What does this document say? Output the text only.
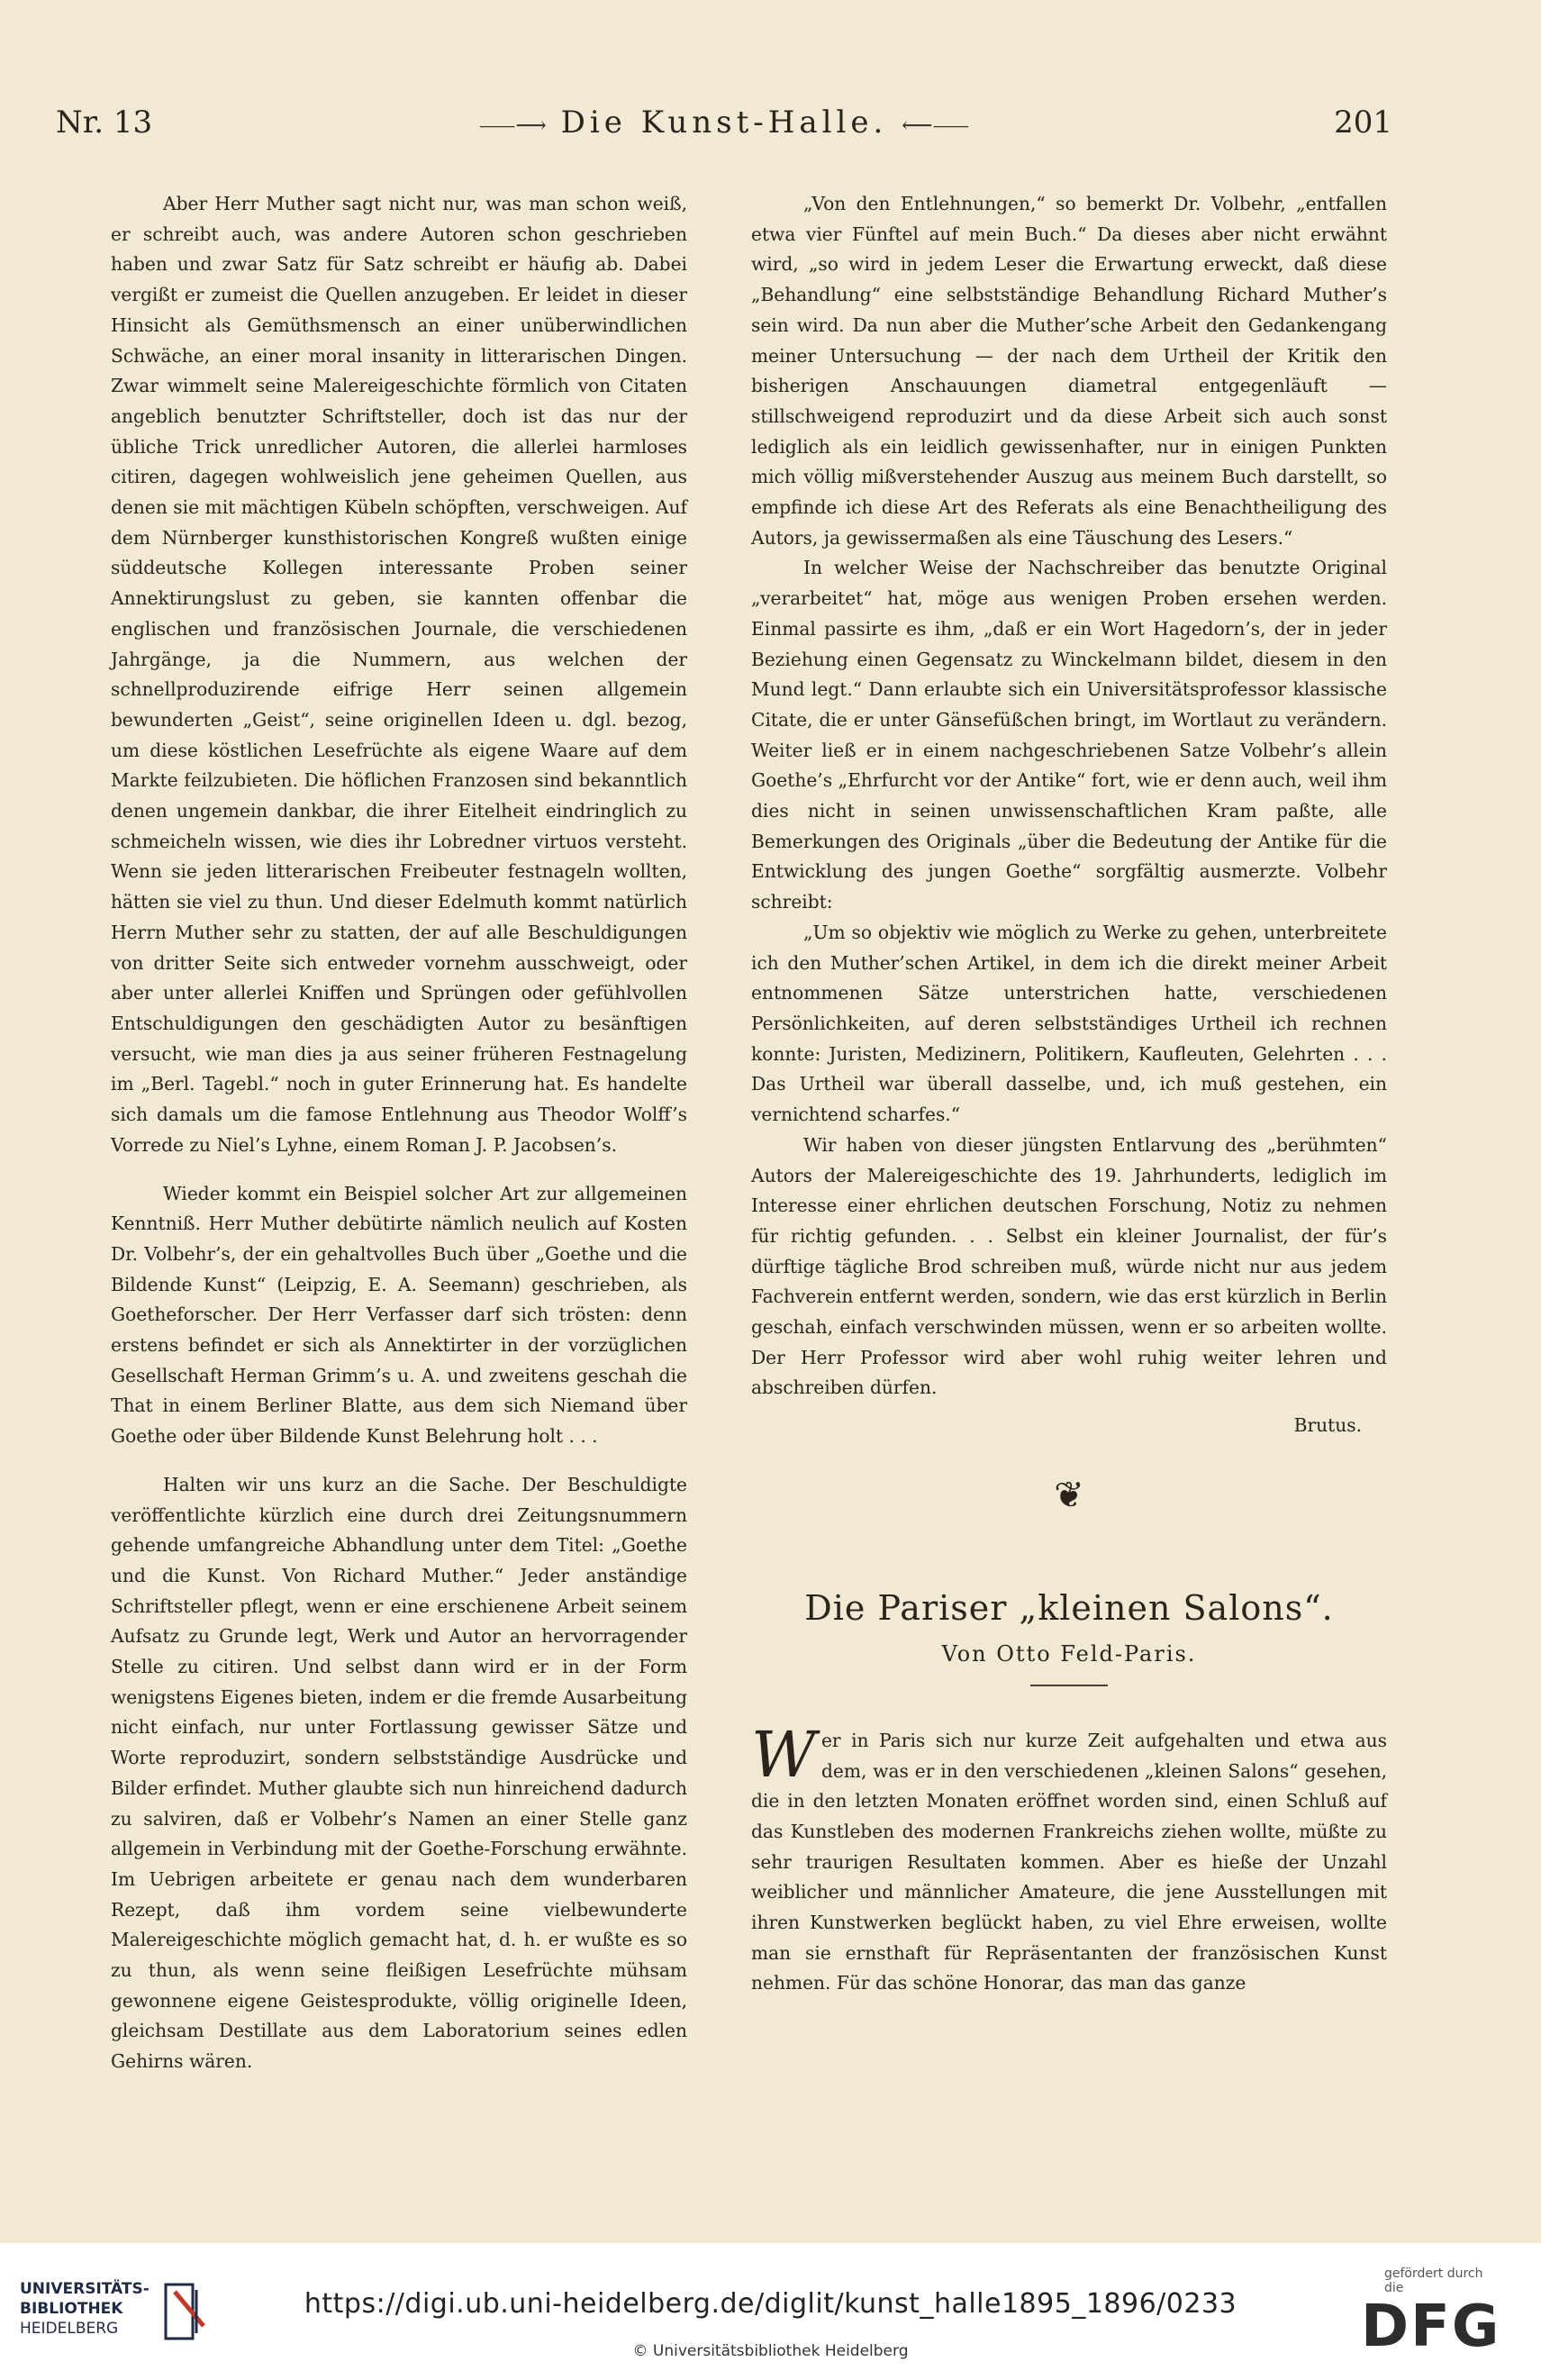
Nr. 13	⸺⟶ Die Kunst-Halle. ⟵⸺	201

Aber Herr Muther sagt nicht nur, was man schon weiß, er schreibt auch, was andere Autoren schon geschrieben haben und zwar Satz für Satz schreibt er häufig ab. Dabei vergißt er zumeist die Quellen anzugeben. Er leidet in dieser Hinsicht als Gemüthsmensch an einer unüberwindlichen Schwäche, an einer moral insanity in litterarischen Dingen. Zwar wimmelt seine Malereigeschichte förmlich von Citaten angeblich benutzter Schriftsteller, doch ist das nur der übliche Trick unredlicher Autoren, die allerlei harmloses citiren, dagegen wohlweislich jene geheimen Quellen, aus denen sie mit mächtigen Kübeln schöpften, verschweigen. Auf dem Nürnberger kunsthistorischen Kongreß wußten einige süddeutsche Kollegen interessante Proben seiner Annektirungslust zu geben, sie kannten offenbar die englischen und französischen Journale, die verschiedenen Jahrgänge, ja die Nummern, aus welchen der schnellproduzirende eifrige Herr seinen allgemein bewunderten „Geist“, seine originellen Ideen u. dgl. bezog, um diese köstlichen Lesefrüchte als eigene Waare auf dem Markte feilzubieten. Die höflichen Franzosen sind bekanntlich denen ungemein dankbar, die ihrer Eitelheit eindringlich zu schmeicheln wissen, wie dies ihr Lobredner virtuos versteht. Wenn sie jeden litterarischen Freibeuter festnageln wollten, hätten sie viel zu thun. Und dieser Edelmuth kommt natürlich Herrn Muther sehr zu statten, der auf alle Beschuldigungen von dritter Seite sich entweder vornehm ausschweigt, oder aber unter allerlei Kniffen und Sprüngen oder gefühlvollen Entschuldigungen den geschädigten Autor zu besänftigen versucht, wie man dies ja aus seiner früheren Festnagelung im „Berl. Tagebl.“ noch in guter Erinnerung hat. Es handelte sich damals um die famose Entlehnung aus Theodor Wolff’s Vorrede zu Niel’s Lyhne, einem Roman J. P. Jacobsen’s.

Wieder kommt ein Beispiel solcher Art zur allgemeinen Kenntniß. Herr Muther debütirte nämlich neulich auf Kosten Dr. Volbehr’s, der ein gehaltvolles Buch über „Goethe und die Bildende Kunst“ (Leipzig, E. A. Seemann) geschrieben, als Goetheforscher. Der Herr Verfasser darf sich trösten: denn erstens befindet er sich als Annektirter in der vorzüglichen Gesellschaft Herman Grimm’s u. A. und zweitens geschah die That in einem Berliner Blatte, aus dem sich Niemand über Goethe oder über Bildende Kunst Belehrung holt . . .

Halten wir uns kurz an die Sache. Der Beschuldigte veröffentlichte kürzlich eine durch drei Zeitungsnummern gehende umfangreiche Abhandlung unter dem Titel: „Goethe und die Kunst. Von Richard Muther.“ Jeder anständige Schriftsteller pflegt, wenn er eine erschienene Arbeit seinem Aufsatz zu Grunde legt, Werk und Autor an hervorragender Stelle zu citiren. Und selbst dann wird er in der Form wenigstens Eigenes bieten, indem er die fremde Ausarbeitung nicht einfach, nur unter Fortlassung gewisser Sätze und Worte reproduzirt, sondern selbstständige Ausdrücke und Bilder erfindet. Muther glaubte sich nun hinreichend dadurch zu salviren, daß er Volbehr’s Namen an einer Stelle ganz allgemein in Verbindung mit der Goethe-Forschung erwähnte. Im Uebrigen arbeitete er genau nach dem wunderbaren Rezept, daß ihm vordem seine vielbewunderte Malereigeschichte möglich gemacht hat, d. h. er wußte es so zu thun, als wenn seine fleißigen Lesefrüchte mühsam gewonnene eigene Geistesprodukte, völlig originelle Ideen, gleichsam Destillate aus dem Laboratorium seines edlen Gehirns wären.

„Von den Entlehnungen,“ so bemerkt Dr. Volbehr, „entfallen etwa vier Fünftel auf mein Buch.“ Da dieses aber nicht erwähnt wird, „so wird in jedem Leser die Erwartung erweckt, daß diese „Behandlung“ eine selbstständige Behandlung Richard Muther’s sein wird. Da nun aber die Muther’sche Arbeit den Gedankengang meiner Untersuchung — der nach dem Urtheil der Kritik den bisherigen Anschauungen diametral entgegenläuft — stillschweigend reproduzirt und da diese Arbeit sich auch sonst lediglich als ein leidlich gewissenhafter, nur in einigen Punkten mich völlig mißverstehender Auszug aus meinem Buch darstellt, so empfinde ich diese Art des Referats als eine Benachtheiligung des Autors, ja gewissermaßen als eine Täuschung des Lesers.“

In welcher Weise der Nachschreiber das benutzte Original „verarbeitet“ hat, möge aus wenigen Proben ersehen werden. Einmal passirte es ihm, „daß er ein Wort Hagedorn’s, der in jeder Beziehung einen Gegensatz zu Winckelmann bildet, diesem in den Mund legt.“ Dann erlaubte sich ein Universitätsprofessor klassische Citate, die er unter Gänsefüßchen bringt, im Wortlaut zu verändern. Weiter ließ er in einem nachgeschriebenen Satze Volbehr’s allein Goethe’s „Ehrfurcht vor der Antike“ fort, wie er denn auch, weil ihm dies nicht in seinen unwissenschaftlichen Kram paßte, alle Bemerkungen des Originals „über die Bedeutung der Antike für die Entwicklung des jungen Goethe“ sorgfältig ausmerzte. Volbehr schreibt:

„Um so objektiv wie möglich zu Werke zu gehen, unterbreitete ich den Muther’schen Artikel, in dem ich die direkt meiner Arbeit entnommenen Sätze unterstrichen hatte, verschiedenen Persönlichkeiten, auf deren selbstständiges Urtheil ich rechnen konnte: Juristen, Medizinern, Politikern, Kaufleuten, Gelehrten . . . Das Urtheil war überall dasselbe, und, ich muß gestehen, ein vernichtend scharfes.“

Wir haben von dieser jüngsten Entlarvung des „berühmten“ Autors der Malereigeschichte des 19. Jahrhunderts, lediglich im Interesse einer ehrlichen deutschen Forschung, Notiz zu nehmen für richtig gefunden. . . Selbst ein kleiner Journalist, der für’s dürftige tägliche Brod schreiben muß, würde nicht nur aus jedem Fachverein entfernt werden, sondern, wie das erst kürzlich in Berlin geschah, einfach verschwinden müssen, wenn er so arbeiten wollte. Der Herr Professor wird aber wohl ruhig weiter lehren und abschreiben dürfen.

Brutus.
❦
Die Pariser „kleinen Salons“.
Von Otto Feld-Paris.

Wer in Paris sich nur kurze Zeit aufgehalten und etwa aus dem, was er in den verschiedenen „kleinen Salons“ gesehen, die in den letzten Monaten eröffnet worden sind, einen Schluß auf das Kunstleben des modernen Frankreichs ziehen wollte, müßte zu sehr traurigen Resultaten kommen. Aber es hieße der Unzahl weiblicher und männlicher Amateure, die jene Ausstellungen mit ihren Kunstwerken beglückt haben, zu viel Ehre erweisen, wollte man sie ernsthaft für Repräsentanten der französischen Kunst nehmen. Für das schöne Honorar, das man das ganze

UNIVERSITÄTS-
BIBLIOTHEK
HEIDELBERG
https://digi.ub.uni-heidelberg.de/diglit/kunst_halle1895_1896/0233
© Universitätsbibliothek Heidelberg
gefördert durch die
DFG
